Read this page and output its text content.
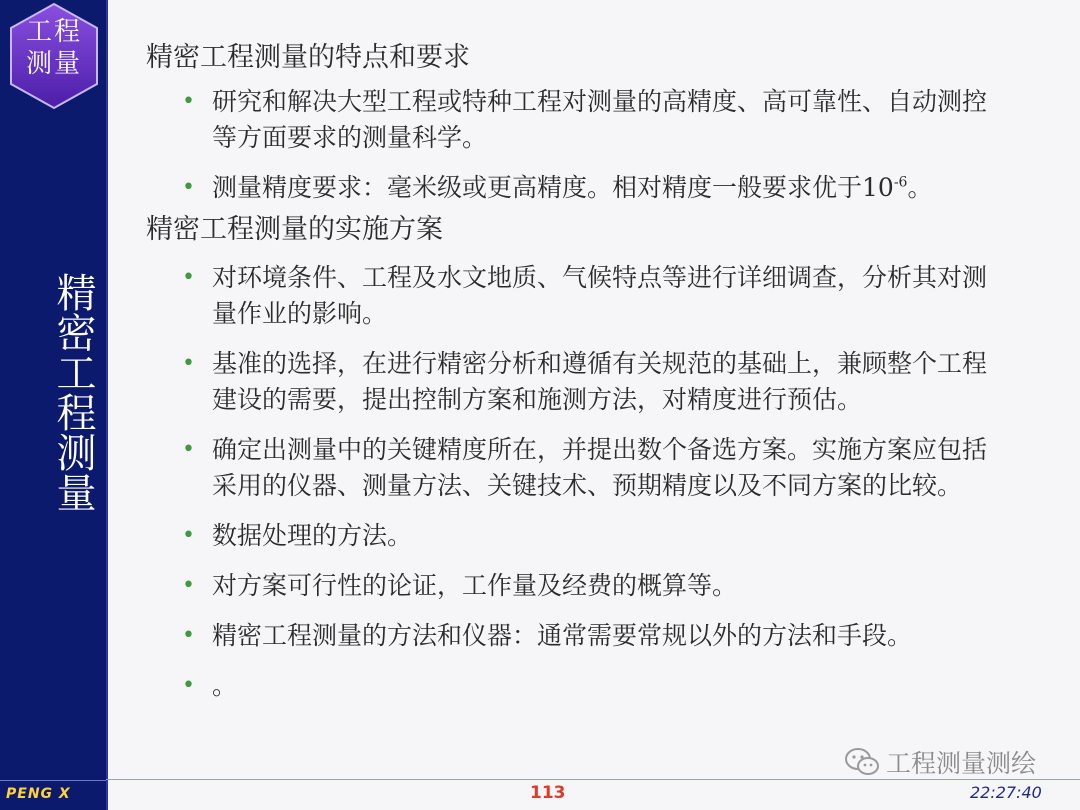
工程
测量
精密工程测量
PENG X

精密工程测量的特点和要求

• 研究和解决大型工程或特种工程对测量的高精度、高可靠性、自动测控
等方面要求的测量科学。

• 测量精度要求：毫米级或更高精度。相对精度一般要求优于$10^{-6}$。

精密工程测量的实施方案

• 对环境条件、工程及水文地质、气候特点等进行详细调查，分析其对测
量作业的影响。

• 基准的选择，在进行精密分析和遵循有关规范的基础上，兼顾整个工程
建设的需要，提出控制方案和施测方法，对精度进行预估。

• 确定出测量中的关键精度所在，并提出数个备选方案。实施方案应包括
采用的仪器、测量方法、关键技术、预期精度以及不同方案的比较。

• 数据处理的方法。

• 对方案可行性的论证，工作量及经费的概算等。

• 精密工程测量的方法和仪器：通常需要常规以外的方法和手段。

• 。

工程测量测绘
113	22:27:40
